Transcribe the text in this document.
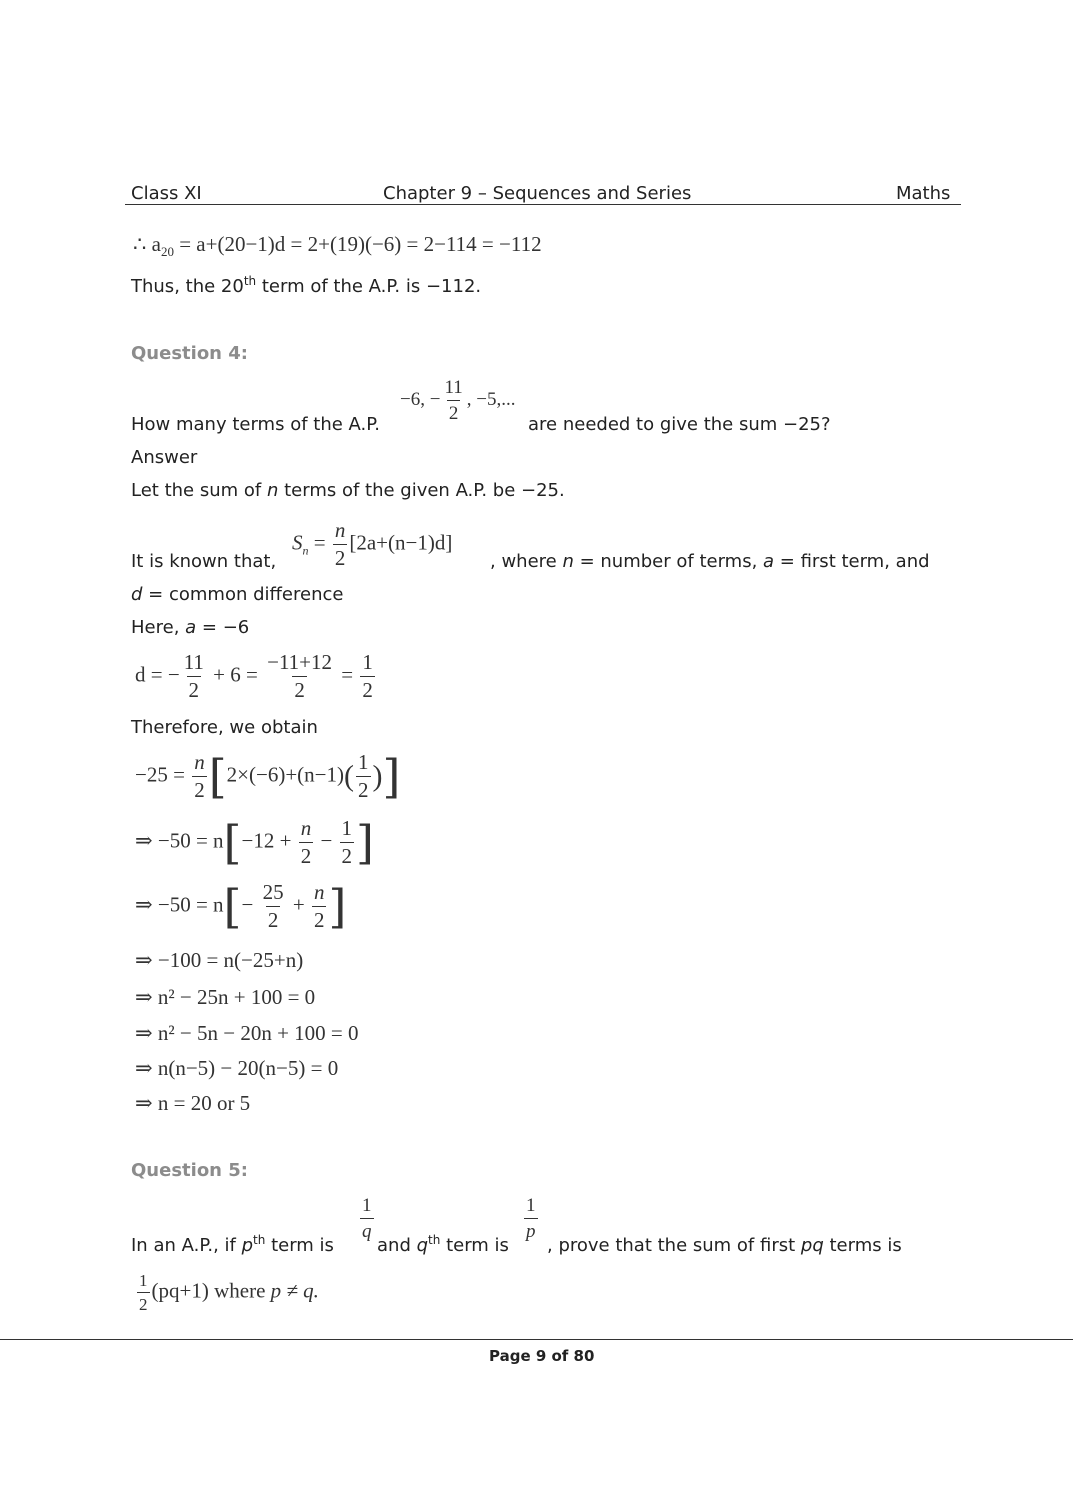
Class XI	Chapter 9 – Sequences and Series	Maths
∴ $a_{20} = a+(20-1)d = 2+(19)(-6) = 2-114 = -112$
Thus, the 20th term of the A.P. is −112.
Question 4:
How many terms of the A.P.
−6, − $\frac{11}{2}$ , −5,...
are needed to give the sum −25?
Answer
Let the sum of n terms of the given A.P. be −25.
It is known that,
$S_n = \frac{n}{2} [2a+(n-1)d]$
, where n = number of terms, a = first term, and
d = common difference
Here, a = −6
d = − $\frac{11}{2} + 6 = \frac{-11+12}{2} = \frac{1}{2}$
Therefore, we obtain
$-25 = \frac{n}{2} [2\times(-6)+(n-1)( \frac{1}{2}$ )]
⇒ $-50 = n[-12 + \frac{n}{2} - \frac{1}{2}$ ]
⇒ $-50 = n[- \frac{25}{2} + \frac{n}{2}$ ]
⇒ −100 = n(−25+n)
⇒ n² − 25n + 100 = 0
⇒ n² − 5n − 20n + 100 = 0
⇒ n(n−5) − 20(n−5) = 0
⇒ n = 20 or 5
Question 5:
In an A.P., if $p^{th}$ term is
$\frac{1}{q}$
and $q^{th}$ term is
$\frac{1}{p}$
, prove that the sum of first pq terms is
$\frac{1}{2} (pq+1)$ where p ≠ q.
Page 9 of 80
